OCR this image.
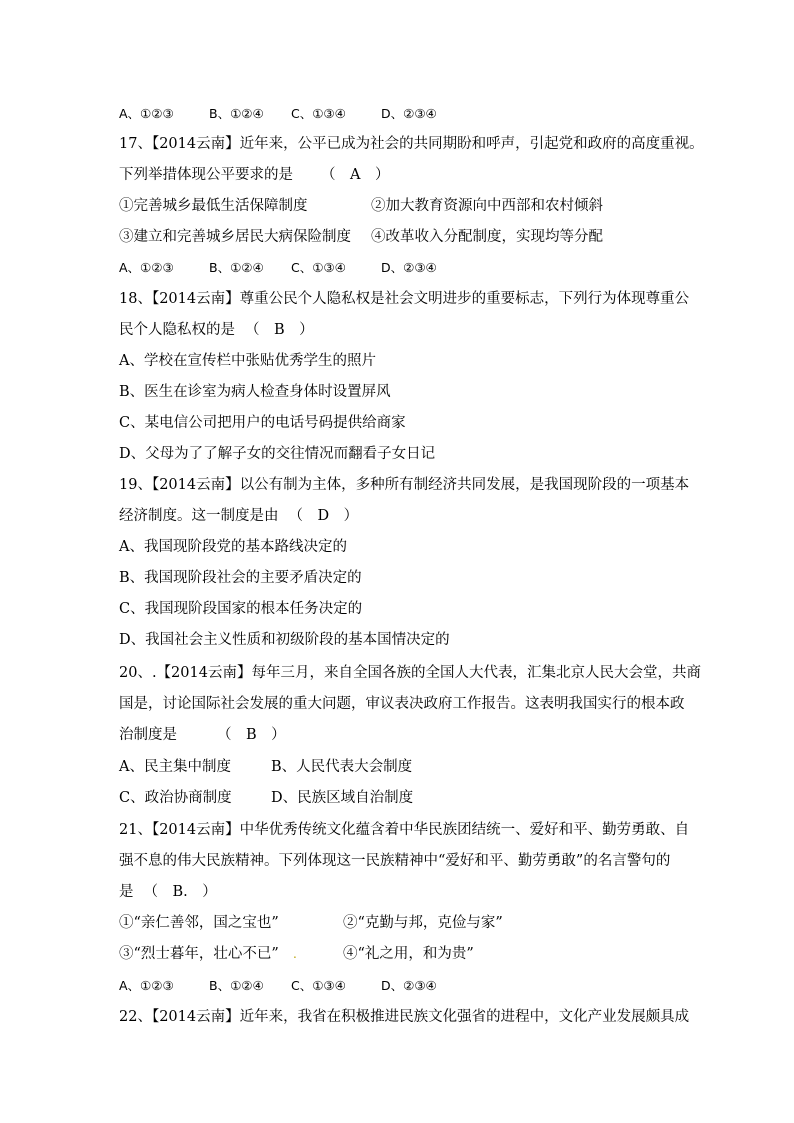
A、①②③	B、①②④ C、①③④	D、②③④
17、【2014云南】近年来，公平已成为社会的共同期盼和呼声，引起党和政府的高度重视。
下列举措体现公平要求的是 （　A　）
①完善城乡最低生活保障制度	②加大教育资源向中西部和农村倾斜
③建立和完善城乡居民大病保险制度 ④改革收入分配制度，实现均等分配
A、①②③	B、①②④ C、①③④	D、②③④
18、【2014云南】尊重公民个人隐私权是社会文明进步的重要标志，下列行为体现尊重公
民个人隐私权的是 （　B　）
A、学校在宣传栏中张贴优秀学生的照片
B、医生在诊室为病人检查身体时设置屏风
C、某电信公司把用户的电话号码提供给商家
D、父母为了了解子女的交往情况而翻看子女日记
19、【2014云南】以公有制为主体，多种所有制经济共同发展，是我国现阶段的一项基本
经济制度。这一制度是由 （　D　）
A、我国现阶段党的基本路线决定的
B、我国现阶段社会的主要矛盾决定的
C、我国现阶段国家的根本任务决定的
D、我国社会主义性质和初级阶段的基本国情决定的
20、.【2014云南】每年三月，来自全国各族的全国人大代表，汇集北京人民大会堂，共商
国是，讨论国际社会发展的重大问题，审议表决政府工作报告。这表明我国实行的根本政
治制度是	（　B　）
A、民主集中制度	B、人民代表大会制度
C、政治协商制度	D、民族区域自治制度
21、【2014云南】中华优秀传统文化蕴含着中华民族团结统一、爱好和平、勤劳勇敢、自
强不息的伟大民族精神。下列体现这一民族精神中“爱好和平、勤劳勇敢”的名言警句的
是 （　B.　）
①“亲仁善邻，国之宝也”	②“克勤与邦，克俭与家”
③“烈士暮年，壮心不已” .	④“礼之用，和为贵”
A、①②③	B、①②④ C、①③④	D、②③④
22、【2014云南】近年来，我省在积极推进民族文化强省的进程中，文化产业发展颇具成
